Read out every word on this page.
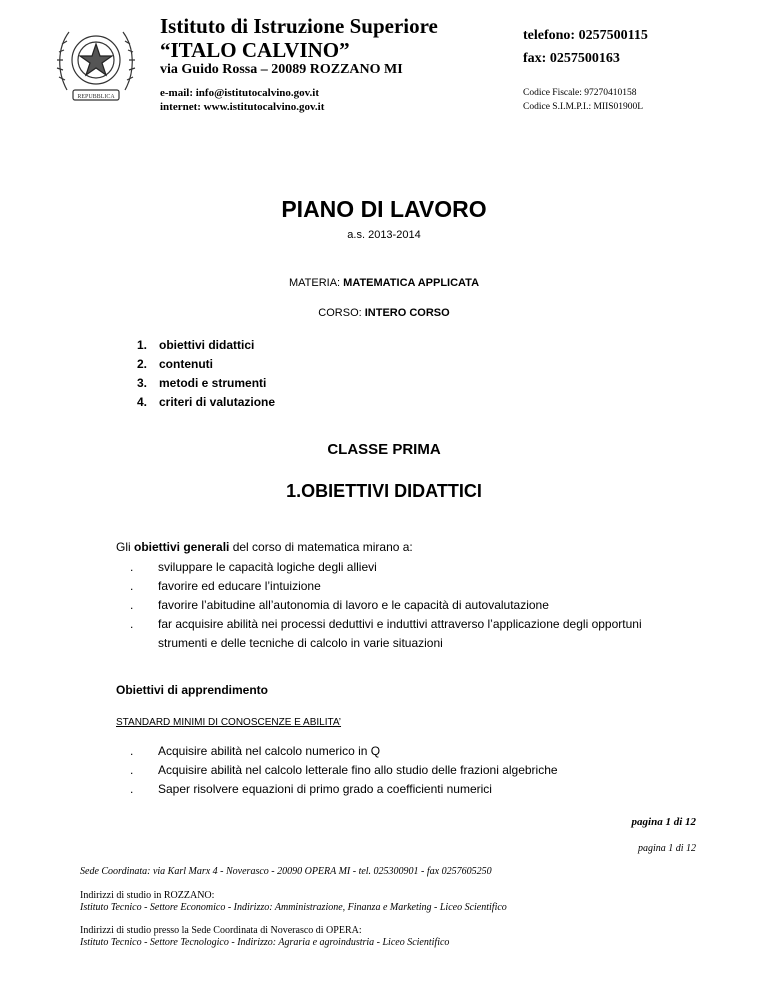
REPUBBLICA
Istituto di Istruzione Superiore
“ITALO CALVINO”
via Guido Rossa – 20089 ROZZANO MI
e-mail: info@istitutocalvino.gov.it
internet: www.istitutocalvino.gov.it
telefono: 0257500115
fax: 0257500163
Codice Fiscale: 97270410158
Codice S.I.M.P.I.: MIIS01900L
PIANO DI LAVORO
a.s. 2013-2014
MATERIA: MATEMATICA APPLICATA
CORSO: INTERO CORSO
1. obiettivi didattici
2. contenuti
3. metodi e strumenti
4. criteri di valutazione
CLASSE PRIMA
1.OBIETTIVI DIDATTICI
Gli obiettivi generali del corso di matematica mirano a:
.	sviluppare le capacità logiche degli allievi
.	favorire ed educare l’intuizione
.	favorire l’abitudine all’autonomia di lavoro e le capacità di autovalutazione
.	far acquisire abilità nei processi deduttivi e induttivi attraverso l’applicazione degli opportuni
strumenti e delle tecniche di calcolo in varie situazioni
Obiettivi di apprendimento
STANDARD MINIMI DI CONOSCENZE E ABILITA’
.	Acquisire abilità nel calcolo numerico in Q
.	Acquisire abilità nel calcolo letterale fino allo studio delle frazioni algebriche
.	Saper risolvere equazioni di primo grado a coefficienti numerici
pagina 1 di 12
pagina 1 di 12
Sede Coordinata: via Karl Marx 4 - Noverasco - 20090 OPERA MI - tel. 025300901 - fax 0257605250
Indirizzi di studio in ROZZANO:
Istituto Tecnico - Settore Economico - Indirizzo: Amministrazione, Finanza e Marketing - Liceo Scientifico
Indirizzi di studio presso la Sede Coordinata di Noverasco di OPERA:
Istituto Tecnico - Settore Tecnologico - Indirizzo: Agraria e agroindustria - Liceo Scientifico
